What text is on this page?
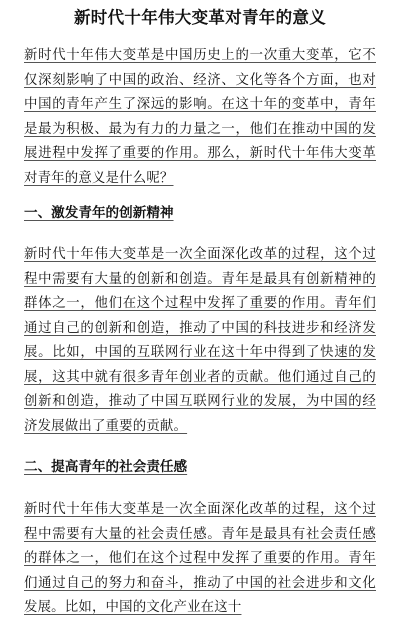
新时代十年伟大变革对青年的意义

新时代十年伟大变革是中国历史上的一次重大变革，它不仅深刻影响了中国的政治、经济、文化等各个方面，也对中国的青年产生了深远的影响。在这十年的变革中，青年是最为积极、最为有力的力量之一，他们在推动中国的发展进程中发挥了重要的作用。那么，新时代十年伟大变革对青年的意义是什么呢？

一、激发青年的创新精神

新时代十年伟大变革是一次全面深化改革的过程，这个过程中需要有大量的创新和创造。青年是最具有创新精神的群体之一，他们在这个过程中发挥了重要的作用。青年们通过自己的创新和创造，推动了中国的科技进步和经济发展。比如，中国的互联网行业在这十年中得到了快速的发展，这其中就有很多青年创业者的贡献。他们通过自己的创新和创造，推动了中国互联网行业的发展，为中国的经济发展做出了重要的贡献。

二、提高青年的社会责任感

新时代十年伟大变革是一次全面深化改革的过程，这个过程中需要有大量的社会责任感。青年是最具有社会责任感的群体之一，他们在这个过程中发挥了重要的作用。青年们通过自己的努力和奋斗，推动了中国的社会进步和文化发展。比如，中国的文化产业在这十
